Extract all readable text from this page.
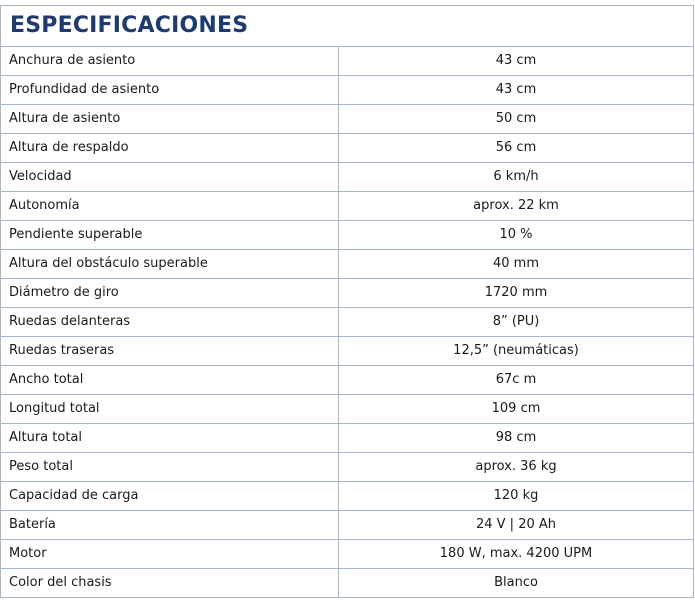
ESPECIFICACIONES	
Anchura de asiento	43 cm
Profundidad de asiento	43 cm
Altura de asiento	50 cm
Altura de respaldo	56 cm
Velocidad	6 km/h
Autonomía	aprox. 22 km
Pendiente superable	10 %
Altura del obstáculo superable	40 mm
Diámetro de giro	1720 mm
Ruedas delanteras	8” (PU)
Ruedas traseras	12,5” (neumáticas)
Ancho total	67c m
Longitud total	109 cm
Altura total	98 cm
Peso total	aprox. 36 kg
Capacidad de carga	120 kg
Batería	24 V | 20 Ah
Motor	180 W, max. 4200 UPM
Color del chasis	Blanco
